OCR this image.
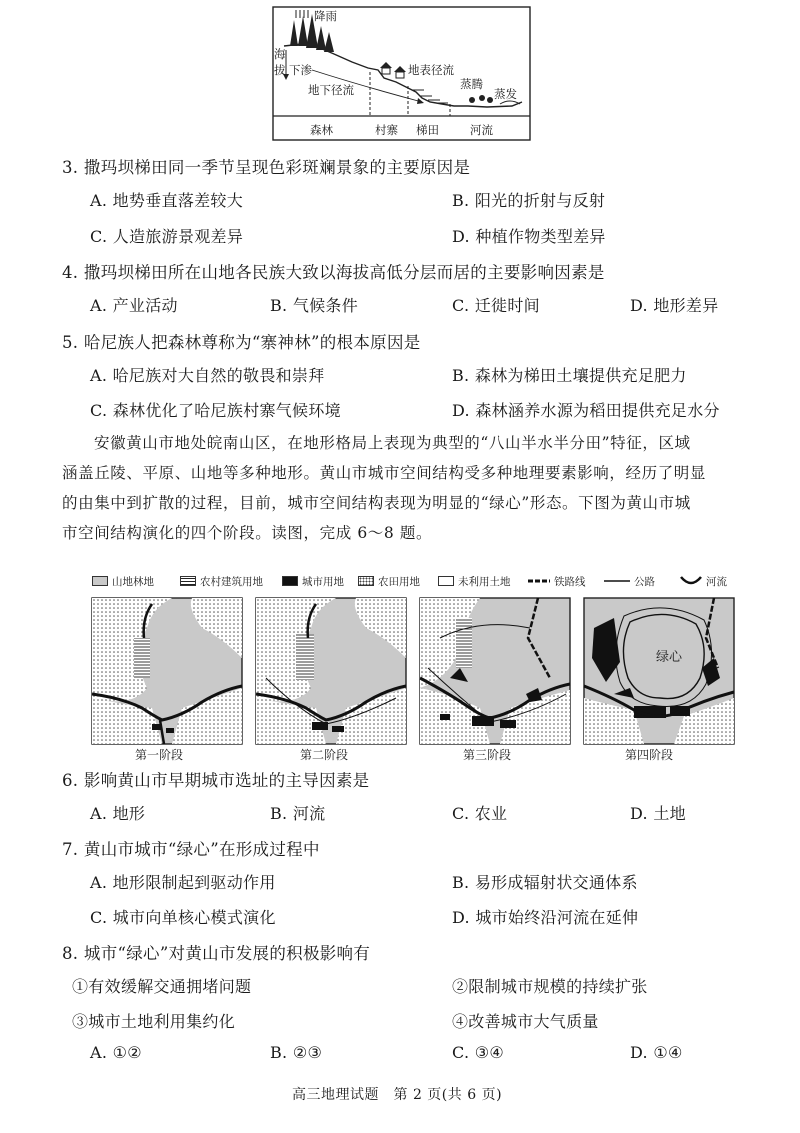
降雨
海
拔 下渗	地表径流
蒸腾
地下径流	蒸发
森林	村寨 梯田	河流
3. 撒玛坝梯田同一季节呈现色彩斑斓景象的主要原因是
A. 地势垂直落差较大	B. 阳光的折射与反射
C. 人造旅游景观差异	D. 种植作物类型差异
4. 撒玛坝梯田所在山地各民族大致以海拔高低分层而居的主要影响因素是
A. 产业活动	B. 气候条件	C. 迁徙时间	D. 地形差异
5. 哈尼族人把森林尊称为“寨神林”的根本原因是
A. 哈尼族对大自然的敬畏和崇拜	B. 森林为梯田土壤提供充足肥力
C. 森林优化了哈尼族村寨气候环境	D. 森林涵养水源为稻田提供充足水分
安徽黄山市地处皖南山区，在地形格局上表现为典型的“八山半水半分田”特征，区域
涵盖丘陵、平原、山地等多种地形。黄山市城市空间结构受多种地理要素影响，经历了明显
的由集中到扩散的过程，目前，城市空间结构表现为明显的“绿心”形态。下图为黄山市城
市空间结构演化的四个阶段。读图，完成 6～8 题。
山地林地	农村建筑用地	城市用地	农田用地	未利用土地	铁路线	公路	河流
绿心
第一阶段	第二阶段	第三阶段	第四阶段
6. 影响黄山市早期城市选址的主导因素是
A. 地形	B. 河流	C. 农业	D. 土地
7. 黄山市城市“绿心”在形成过程中
A. 地形限制起到驱动作用	B. 易形成辐射状交通体系
C. 城市向单核心模式演化	D. 城市始终沿河流在延伸
8. 城市“绿心”对黄山市发展的积极影响有
①有效缓解交通拥堵问题	②限制城市规模的持续扩张
③城市土地利用集约化	④改善城市大气质量
A. ①②	B. ②③	C. ③④	D. ①④
高三地理试题　第 2 页(共 6 页)
